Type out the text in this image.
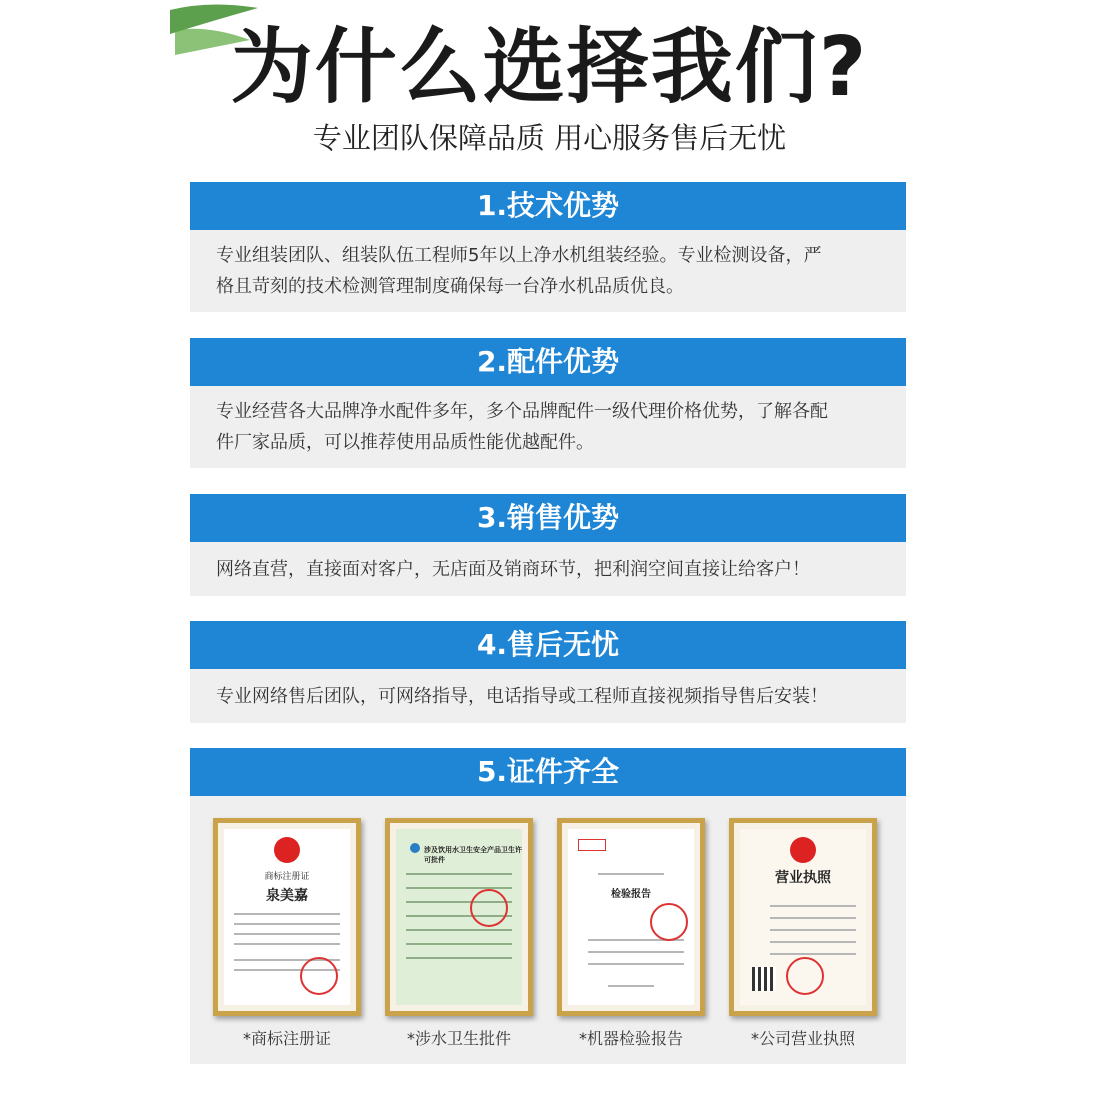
为什么选择我们?
专业团队保障品质 用心服务售后无忧
1.技术优势
专业组装团队、组装队伍工程师5年以上净水机组装经验。专业检测设备，严
格且苛刻的技术检测管理制度确保每一台净水机品质优良。
2.配件优势
专业经营各大品牌净水配件多年，多个品牌配件一级代理价格优势，了解各配
件厂家品质，可以推荐使用品质性能优越配件。
3.销售优势
网络直营，直接面对客户，无店面及销商环节，把利润空间直接让给客户！
4.售后无忧
专业网络售后团队，可网络指导，电话指导或工程师直接视频指导售后安装！
5.证件齐全
商标注册证
泉美嘉
*商标注册证
涉及饮用水卫生安全产品卫生许可批件
*涉水卫生批件
检验报告
*机器检验报告
营业执照
*公司营业执照
